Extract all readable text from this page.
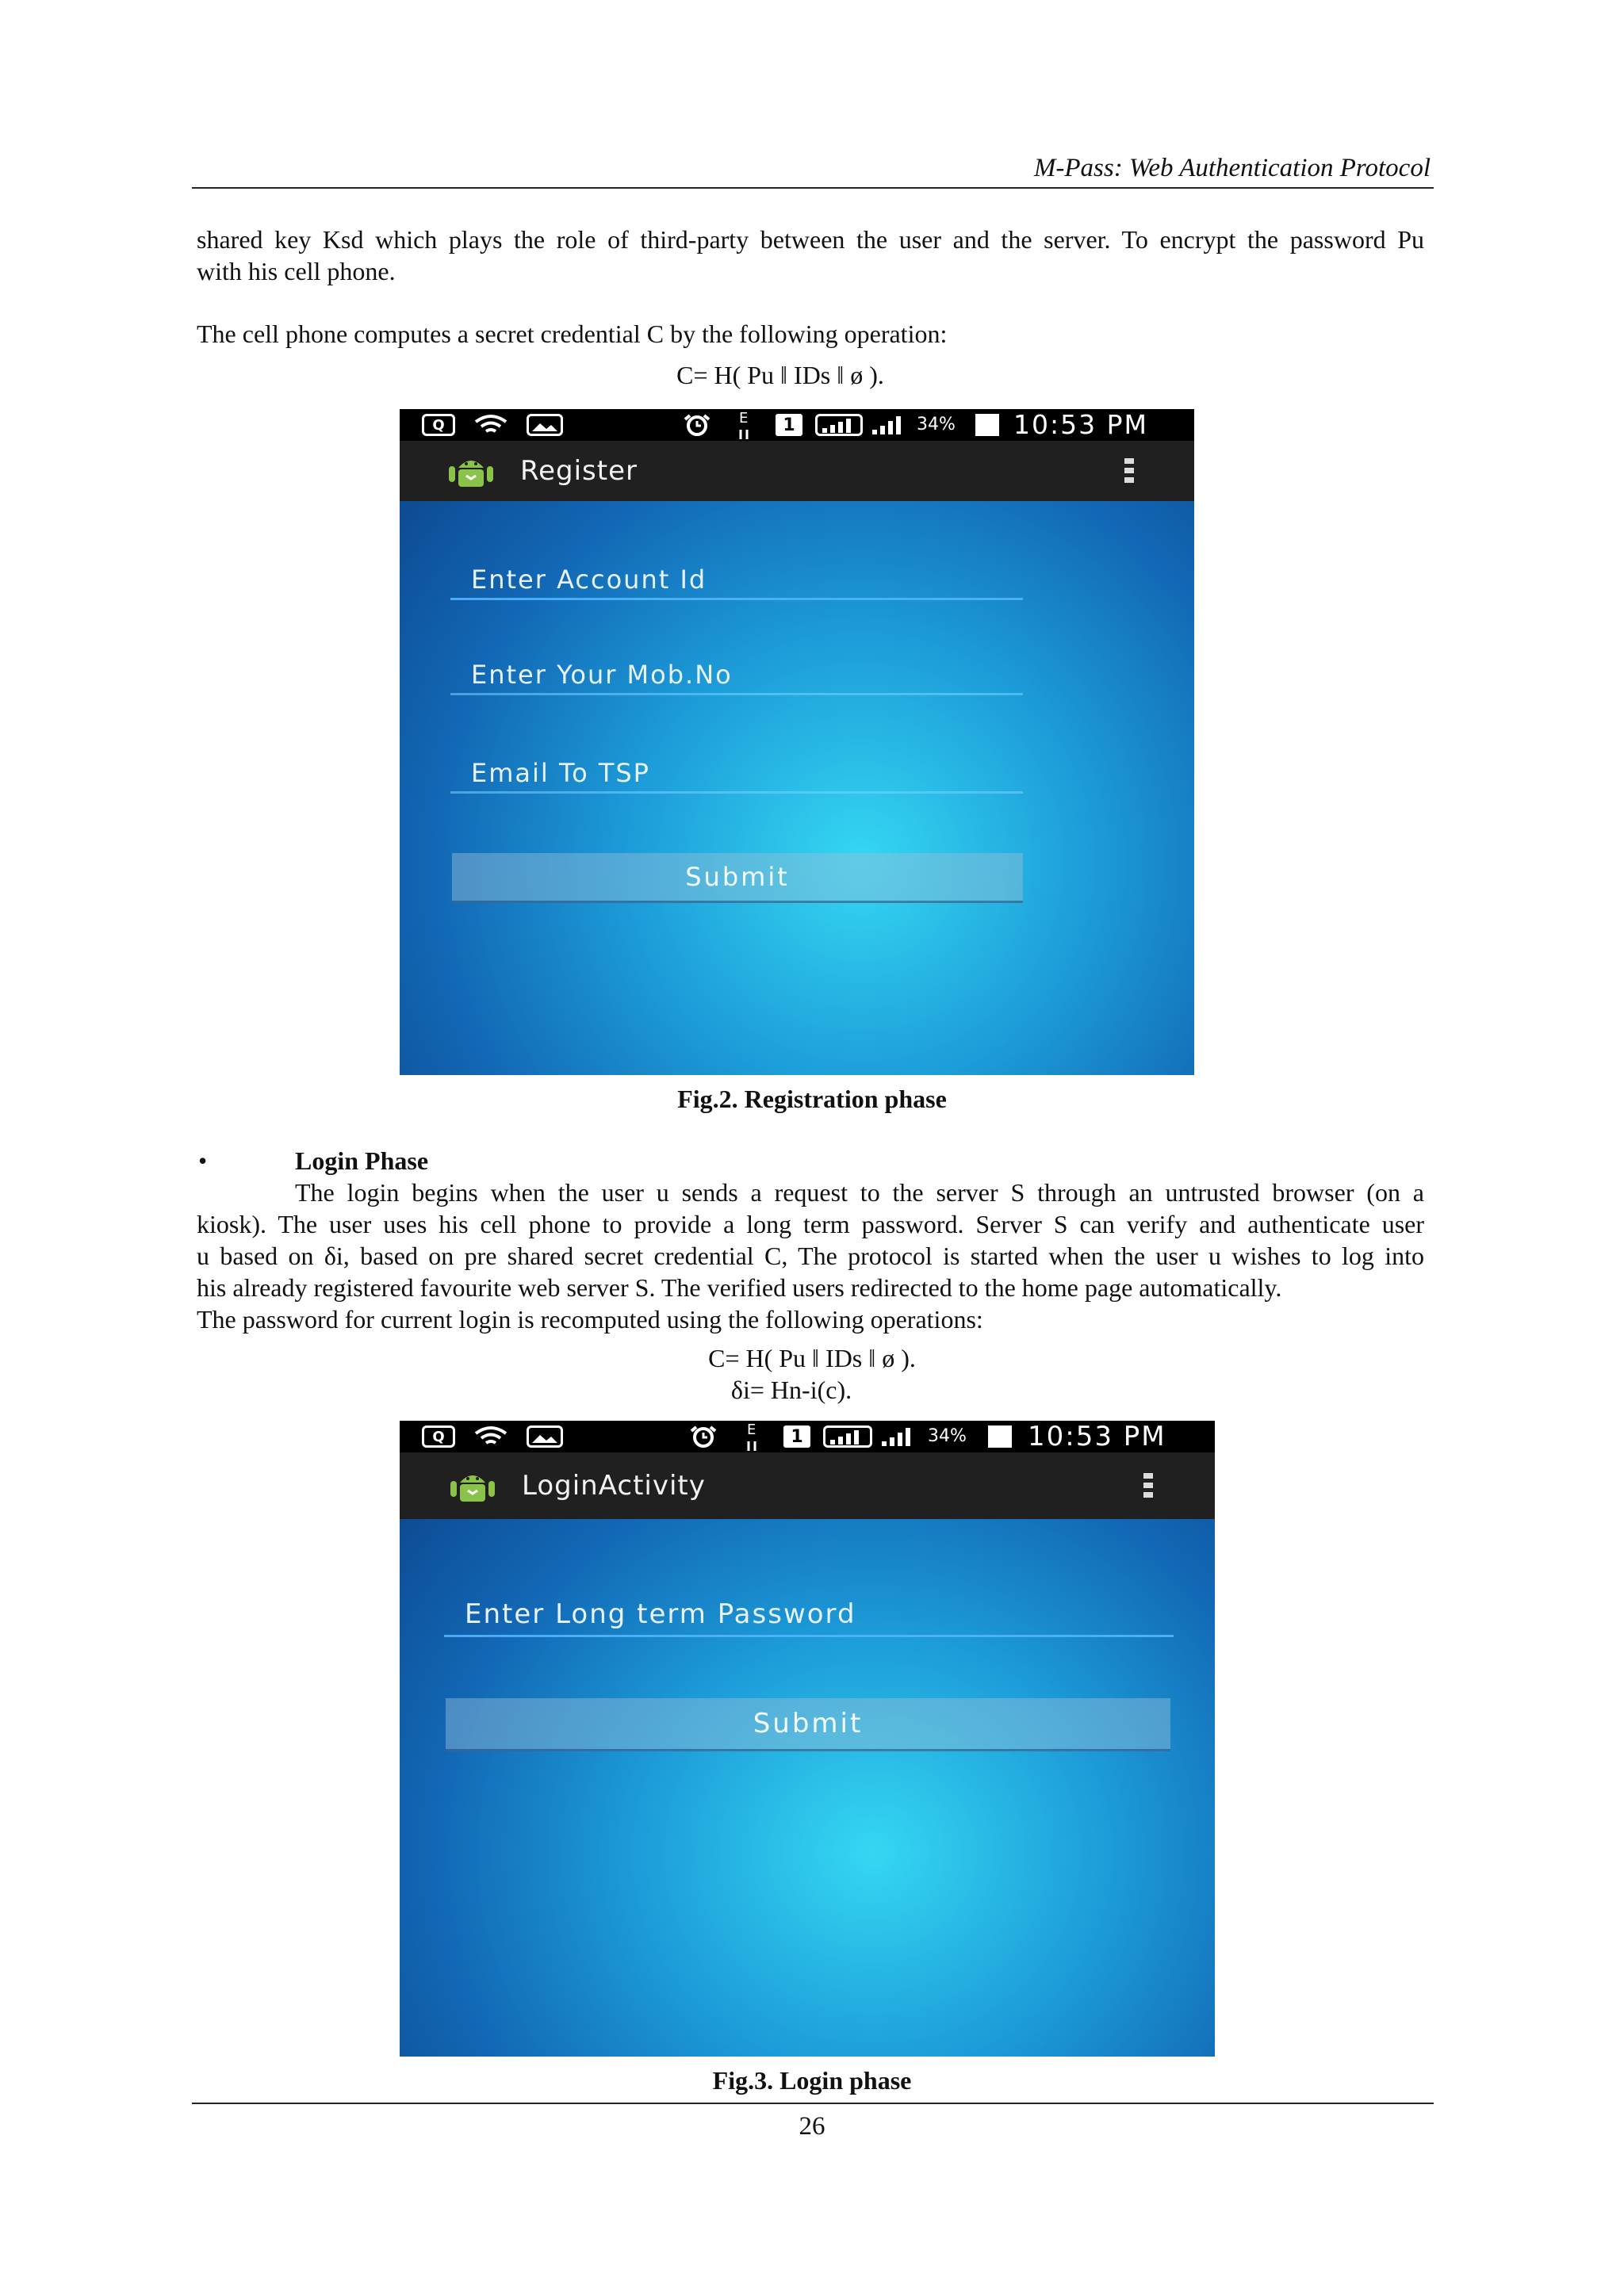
M-Pass: Web Authentication Protocol
shared key Ksd which plays the role of third-party between the user and the server. To encrypt the password Pu
with his cell phone.
The cell phone computes a secret credential C by the following operation:
C= H( Pu ǁ IDs ǁ ø ).
Q	E	1	34% 10:53 PM
Register
Enter Account Id
Enter Your Mob.No
Email To TSP
Submit
Fig.2. Registration phase
•	Login Phase
The login begins when the user u sends a request to the server S through an untrusted browser (on a
kiosk). The user uses his cell phone to provide a long term password. Server S can verify and authenticate user
u based on δi, based on pre shared secret credential C, The protocol is started when the user u wishes to log into
his already registered favourite web server S. The verified users redirected to the home page automatically.
The password for current login is recomputed using the following operations:
C= H( Pu ǁ IDs ǁ ø ).
δi= Hn-i(c).
Q	E	1	34% 10:53 PM
LoginActivity
Enter Long term Password
Submit
Fig.3. Login phase
26
